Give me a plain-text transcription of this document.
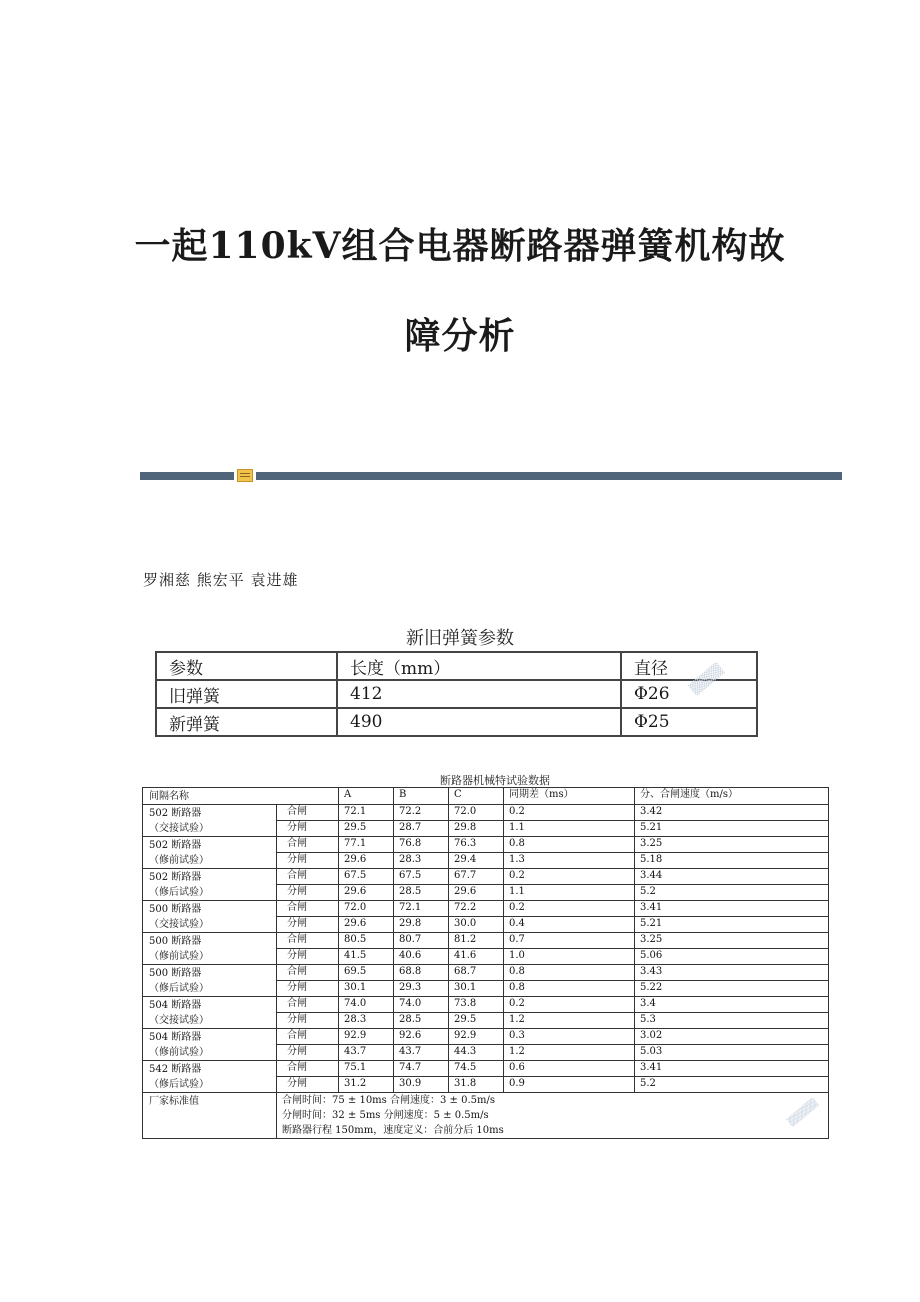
一起110kV组合电器断路器弹簧机构故
障分析
罗湘慈 熊宏平 袁进雄
新旧弹簧参数
参数	长度（mm）	直径
旧弹簧	412	Φ26
新弹簧	490	Φ25
▒▒▒▒
断路器机械特试验数据
间隔名称		A	B	C	同期差（ms）	分、合闸速度（m/s）

502 断路器
（交接试验）	合闸	72.1	72.2	72.0	0.2	3.42
	分闸	29.5	28.7	29.8	1.1	5.21

502 断路器
（修前试验）	合闸	77.1	76.8	76.3	0.8	3.25
	分闸	29.6	28.3	29.4	1.3	5.18

502 断路器
（修后试验）	合闸	67.5	67.5	67.7	0.2	3.44
	分闸	29.6	28.5	29.6	1.1	5.2

500 断路器
（交接试验）	合闸	72.0	72.1	72.2	0.2	3.41
	分闸	29.6	29.8	30.0	0.4	5.21

500 断路器
（修前试验）	合闸	80.5	80.7	81.2	0.7	3.25
	分闸	41.5	40.6	41.6	1.0	5.06

500 断路器
（修后试验）	合闸	69.5	68.8	68.7	0.8	3.43
	分闸	30.1	29.3	30.1	0.8	5.22

504 断路器
（交接试验）	合闸	74.0	74.0	73.8	0.2	3.4
	分闸	28.3	28.5	29.5	1.2	5.3

504 断路器
（修前试验）	合闸	92.9	92.6	92.9	0.3	3.02
	分闸	43.7	43.7	44.3	1.2	5.03

542 断路器
（修后试验）	合闸	75.1	74.7	74.5	0.6	3.41
	分闸	31.2	30.9	31.8	0.9	5.2
厂家标准值	合闸时间：75 ± 10ms 合闸速度：3 ± 0.5m/s
分闸时间：32 ± 5ms 分闸速度：5 ± 0.5m/s
断路器行程 150mm，速度定义：合前分后 10ms					
▒▒▒▒▒
